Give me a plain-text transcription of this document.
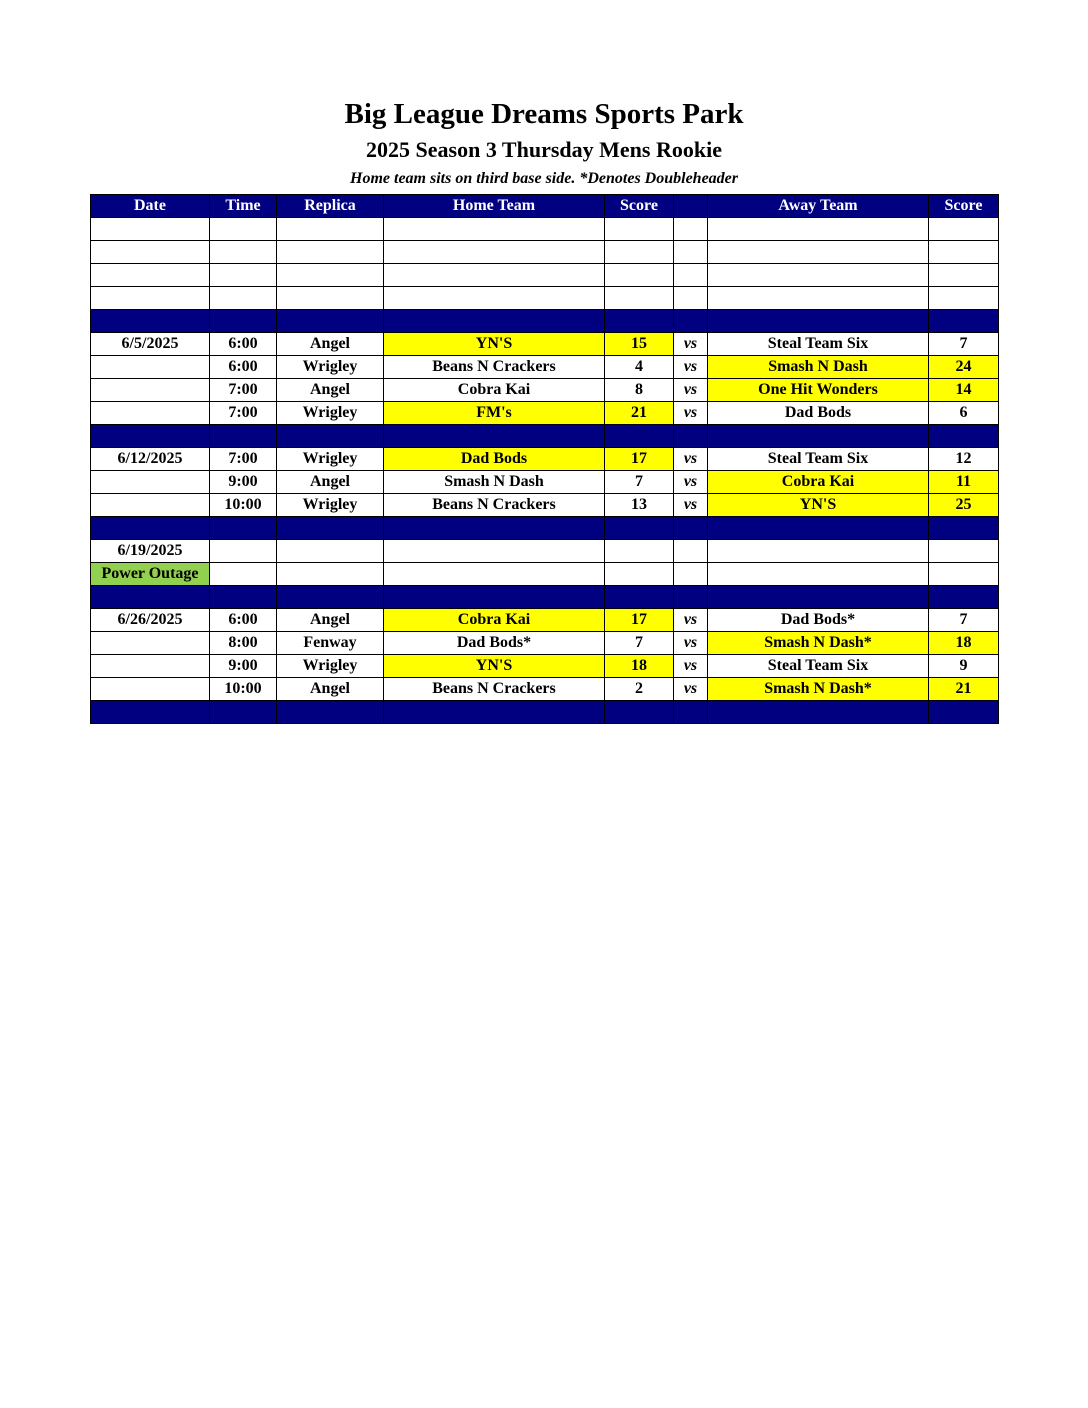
Big League Dreams Sports Park
2025 Season 3 Thursday Mens Rookie
Home team sits on third base side. *Denotes Doubleheader
Date	Time	Replica	Home Team	Score		Away Team	Score

6/5/2025	6:00	Angel	YN'S	15	vs	Steal Team Six	7
	6:00	Wrigley	Beans N Crackers	4	vs	Smash N Dash	24
	7:00	Angel	Cobra Kai	8	vs	One Hit Wonders	14
	7:00	Wrigley	FM's	21	vs	Dad Bods	6

6/12/2025	7:00	Wrigley	Dad Bods	17	vs	Steal Team Six	12
	9:00	Angel	Smash N Dash	7	vs	Cobra Kai	11
	10:00	Wrigley	Beans N Crackers	13	vs	YN'S	25

6/19/2025							
Power Outage							

6/26/2025	6:00	Angel	Cobra Kai	17	vs	Dad Bods*	7
	8:00	Fenway	Dad Bods*	7	vs	Smash N Dash*	18
	9:00	Wrigley	YN'S	18	vs	Steal Team Six	9
	10:00	Angel	Beans N Crackers	2	vs	Smash N Dash*	21
